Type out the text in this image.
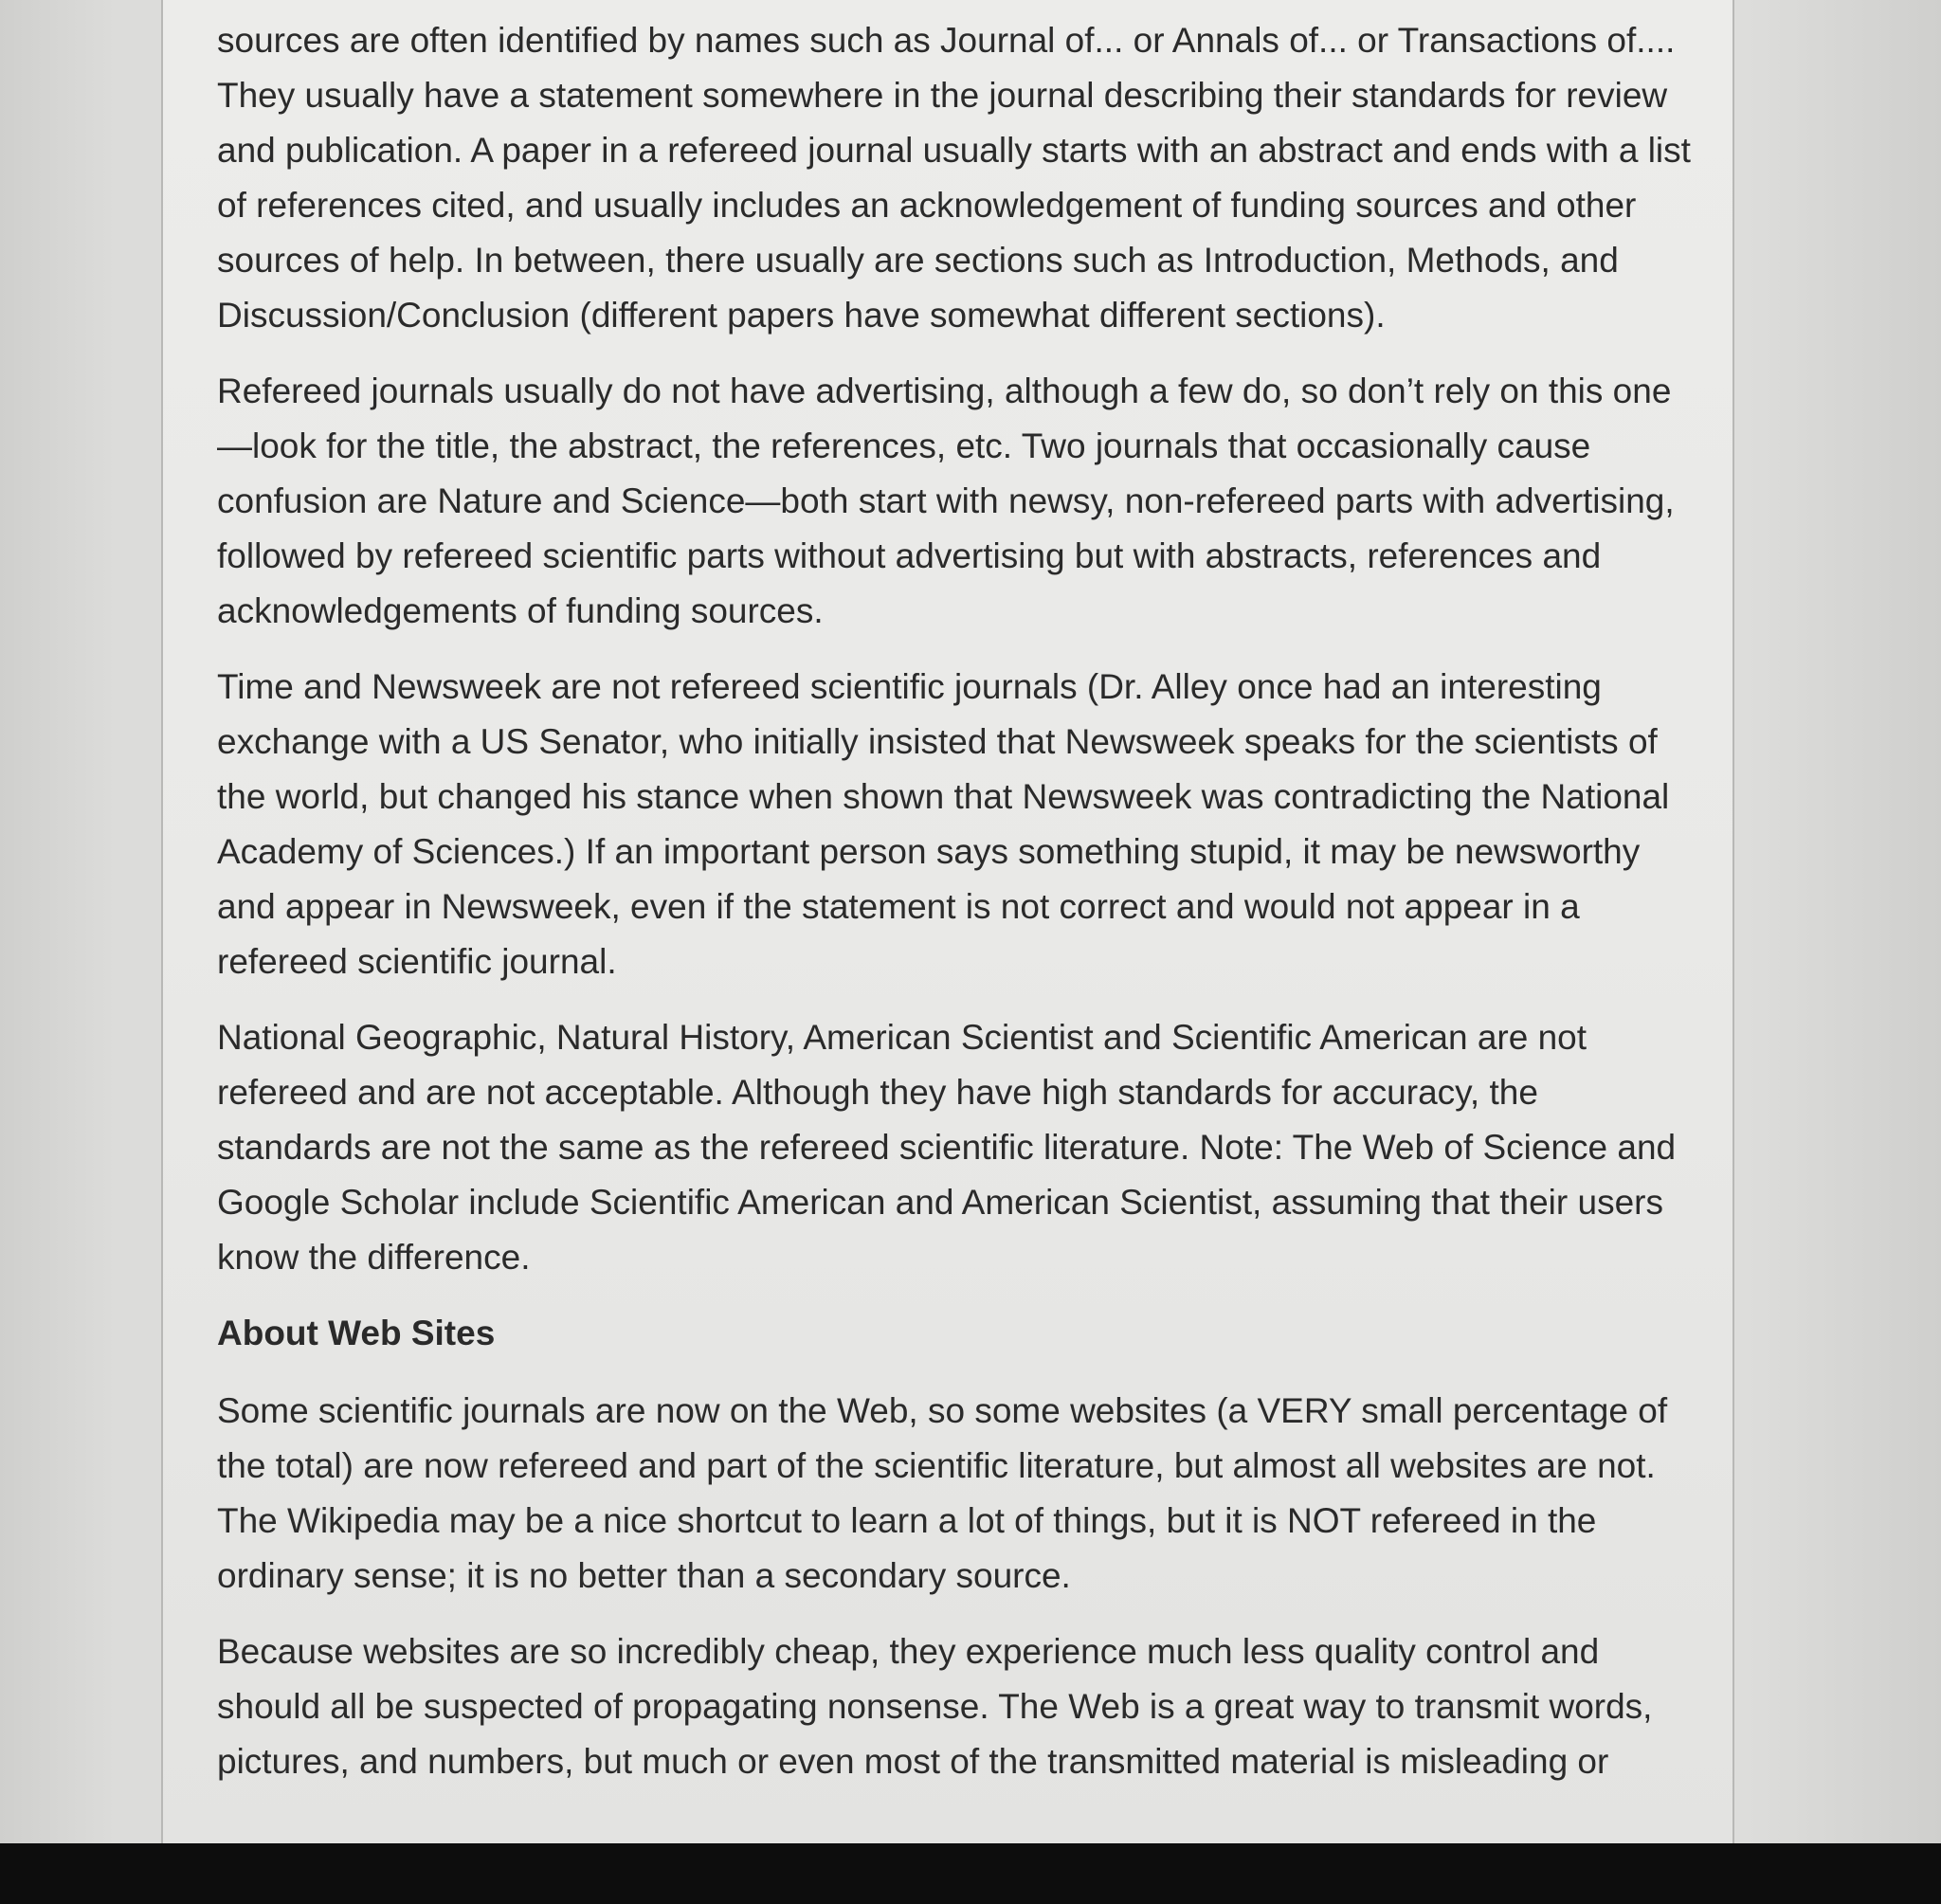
sources are often identified by names such as Journal of... or Annals of... or Transactions of.... They usually have a statement somewhere in the journal describing their standards for review and publication. A paper in a refereed journal usually starts with an abstract and ends with a list of references cited, and usually includes an acknowledgement of funding sources and other sources of help. In between, there usually are sections such as Introduction, Methods, and Discussion/Conclusion (different papers have somewhat different sections).

Refereed journals usually do not have advertising, although a few do, so don’t rely on this one—look for the title, the abstract, the references, etc. Two journals that occasionally cause confusion are Nature and Science—both start with newsy, non-refereed parts with advertising, followed by refereed scientific parts without advertising but with abstracts, references and acknowledgements of funding sources.

Time and Newsweek are not refereed scientific journals (Dr. Alley once had an interesting exchange with a US Senator, who initially insisted that Newsweek speaks for the scientists of the world, but changed his stance when shown that Newsweek was contradicting the National Academy of Sciences.) If an important person says something stupid, it may be newsworthy and appear in Newsweek, even if the statement is not correct and would not appear in a refereed scientific journal.

National Geographic, Natural History, American Scientist and Scientific American are not refereed and are not acceptable. Although they have high standards for accuracy, the standards are not the same as the refereed scientific literature. Note: The Web of Science and Google Scholar include Scientific American and American Scientist, assuming that their users know the difference.

About Web Sites

Some scientific journals are now on the Web, so some websites (a VERY small percentage of the total) are now refereed and part of the scientific literature, but almost all websites are not. The Wikipedia may be a nice shortcut to learn a lot of things, but it is NOT refereed in the ordinary sense; it is no better than a secondary source.

Because websites are so incredibly cheap, they experience much less quality control and should all be suspected of propagating nonsense. The Web is a great way to transmit words, pictures, and numbers, but much or even most of the transmitted material is misleading or
